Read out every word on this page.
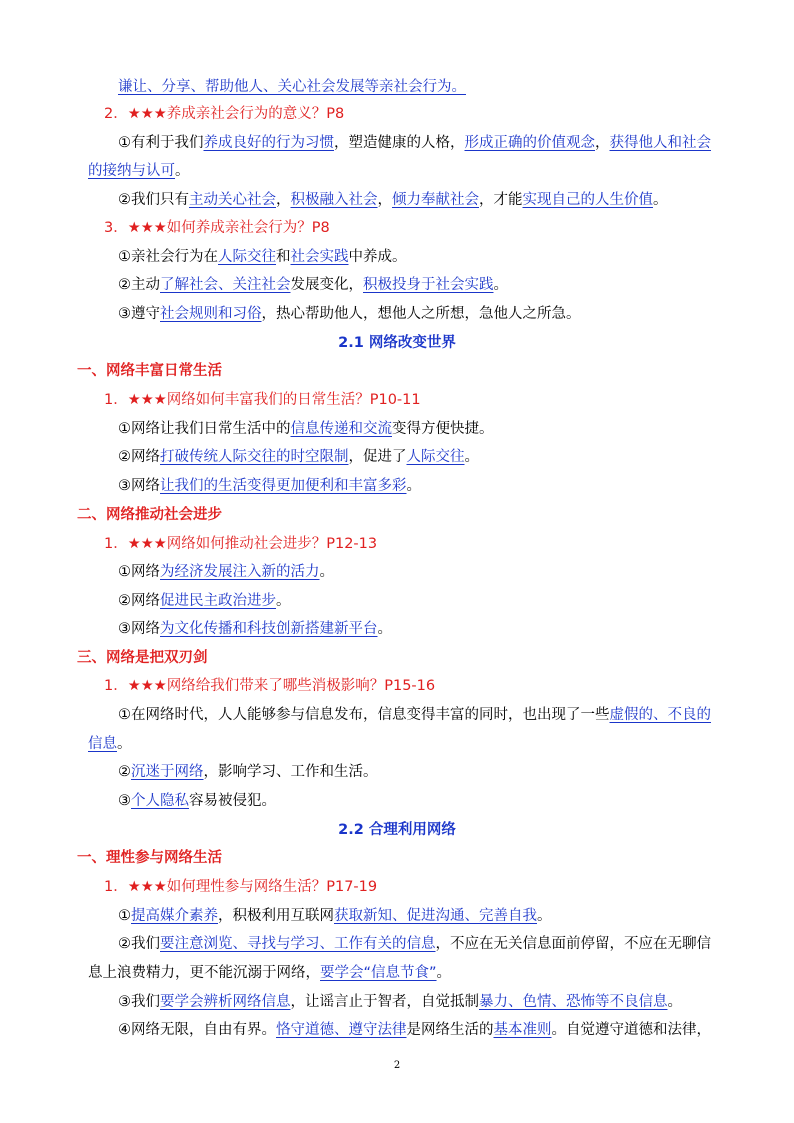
谦让、分享、帮助他人、关心社会发展等亲社会行为。
2．★★★养成亲社会行为的意义？P8
①有利于我们养成良好的行为习惯，塑造健康的人格，形成正确的价值观念，获得他人和社会
的接纳与认可。
②我们只有主动关心社会，积极融入社会，倾力奉献社会，才能实现自己的人生价值。
3．★★★如何养成亲社会行为？P8
①亲社会行为在人际交往和社会实践中养成。
②主动了解社会、关注社会发展变化，积极投身于社会实践。
③遵守社会规则和习俗，热心帮助他人，想他人之所想，急他人之所急。
2.1 网络改变世界
一、网络丰富日常生活
1．★★★网络如何丰富我们的日常生活？P10-11
①网络让我们日常生活中的信息传递和交流变得方便快捷。
②网络打破传统人际交往的时空限制，促进了人际交往。
③网络让我们的生活变得更加便利和丰富多彩。
二、网络推动社会进步
1．★★★网络如何推动社会进步？P12-13
①网络为经济发展注入新的活力。
②网络促进民主政治进步。
③网络为文化传播和科技创新搭建新平台。
三、网络是把双刃剑
1．★★★网络给我们带来了哪些消极影响？P15-16
①在网络时代，人人能够参与信息发布，信息变得丰富的同时，也出现了一些虚假的、不良的
信息。
②沉迷于网络，影响学习、工作和生活。
③个人隐私容易被侵犯。
2.2 合理利用网络
一、理性参与网络生活
1．★★★如何理性参与网络生活？P17-19
①提高媒介素养，积极利用互联网获取新知、促进沟通、完善自我。
②我们要注意浏览、寻找与学习、工作有关的信息，不应在无关信息面前停留，不应在无聊信
息上浪费精力，更不能沉溺于网络，要学会“信息节食”。
③我们要学会辨析网络信息，让谣言止于智者，自觉抵制暴力、色情、恐怖等不良信息。
④网络无限，自由有界。恪守道德、遵守法律是网络生活的基本准则。自觉遵守道德和法律，
2
